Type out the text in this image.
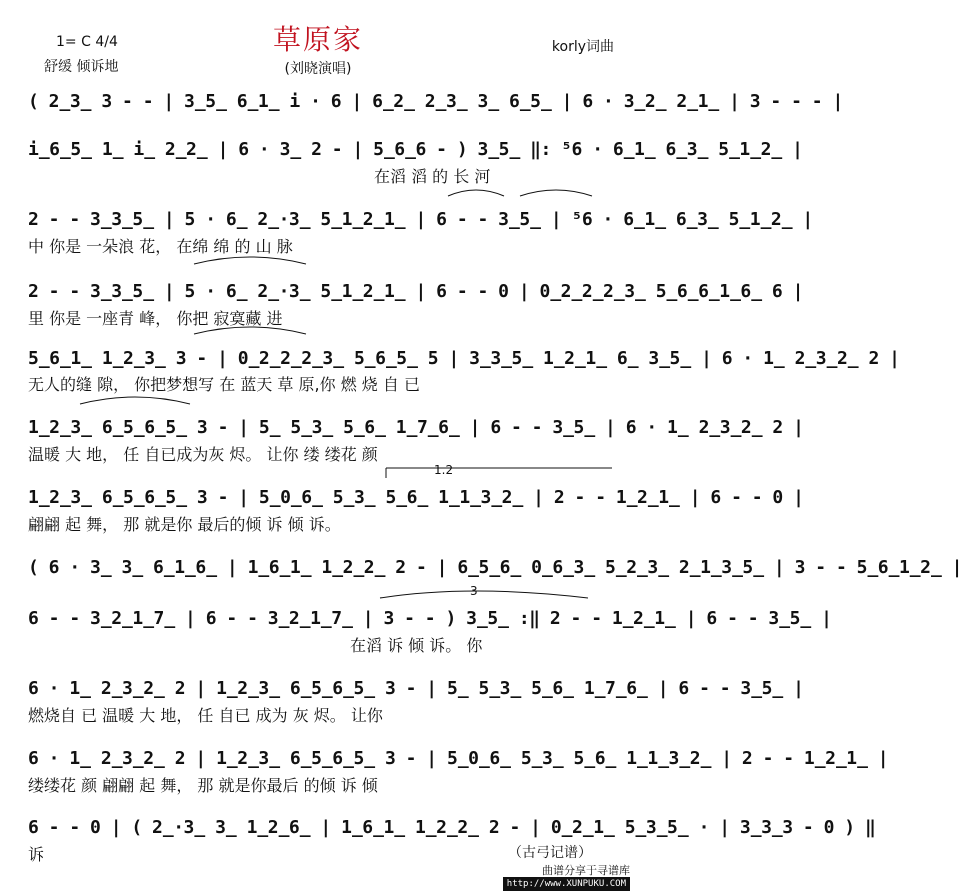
1= C 4/4
舒缓 倾诉地
草原家
(刘晓演唱)
korly词曲
( 2̲3̲ 3 - - | 3̲5̲ 6̲1̲ i · 6 | 6̲2̲ 2̲3̲ 3̲ 6̲5̲ | 6 · 3̲2̲ 2̲1̲ | 3 - - - |
i̲6̲5̲ 1̲ i̲ 2̲2̲ | 6 · 3̲ 2 - | 5̲6̲6 - ) 3̲5̲ ‖: ⁵6 · 6̲1̲ 6̲3̲ 5̲1̲2̲ |
在滔 滔 的 长 河
2 - - 3̲3̲5̲ | 5 · 6̲ 2̲·3̲ 5̲1̲2̲1̲ | 6 - - 3̲5̲ | ⁵6 · 6̲1̲ 6̲3̲ 5̲1̲2̲ |
中 你是 一朵浪 花， 在绵 绵 的 山 脉
2 - - 3̲3̲5̲ | 5 · 6̲ 2̲·3̲ 5̲1̲2̲1̲ | 6 - - 0 | 0̲2̲2̲2̲3̲ 5̲6̲6̲1̲6̲ 6 |
里 你是 一座青 峰， 你把 寂寞藏 进
5̲6̲1̲ 1̲2̲3̲ 3 - | 0̲2̲2̲2̲3̲ 5̲6̲5̲ 5 | 3̲3̲5̲ 1̲2̲1̲ 6̲ 3̲5̲ | 6 · 1̲ 2̲3̲2̲ 2 |
无人的缝 隙， 你把梦想写 在 蓝天 草 原,你 燃 烧 自 已
1̲2̲3̲ 6̲5̲6̲5̲ 3 - | 5̲ 5̲3̲ 5̲6̲ 1̲7̲6̲ | 6 - - 3̲5̲ | 6 · 1̲ 2̲3̲2̲ 2 |
温暖 大 地， 任 自已成为灰 烬。 让你 缕 缕花 颜
1̲2̲3̲ 6̲5̲6̲5̲ 3 - | 5̲0̲6̲ 5̲3̲ 5̲6̲ 1̲1̲3̲2̲ | 2 - - 1̲2̲1̲ | 6 - - 0 |
翩翩 起 舞， 那 就是你 最后的倾 诉 倾 诉。
1.2
( 6 · 3̲ 3̲ 6̲1̲6̲ | 1̲6̲1̲ 1̲2̲2̲ 2 - | 6̲5̲6̲ 0̲6̲3̲ 5̲2̲3̲ 2̲1̲3̲5̲ | 3 - - 5̲6̲1̲2̲ |
3
6 - - 3̲2̲1̲7̲ | 6 - - 3̲2̲1̲7̲ | 3 - - ) 3̲5̲ :‖ 2 - - 1̲2̲1̲ | 6 - - 3̲5̲ |
在滔 诉 倾 诉。 你
6 · 1̲ 2̲3̲2̲ 2 | 1̲2̲3̲ 6̲5̲6̲5̲ 3 - | 5̲ 5̲3̲ 5̲6̲ 1̲7̲6̲ | 6 - - 3̲5̲ |
燃烧自 已 温暖 大 地， 任 自已 成为 灰 烬。 让你
6 · 1̲ 2̲3̲2̲ 2 | 1̲2̲3̲ 6̲5̲6̲5̲ 3 - | 5̲0̲6̲ 5̲3̲ 5̲6̲ 1̲1̲3̲2̲ | 2 - - 1̲2̲1̲ |
缕缕花 颜 翩翩 起 舞， 那 就是你最后 的倾 诉 倾
6 - - 0 | ( 2̲·3̲ 3̲ 1̲2̲6̲ | 1̲6̲1̲ 1̲2̲2̲ 2 - | 0̲2̲1̲ 5̲3̲5̲ · | 3̲3̲3 - 0 ) ‖
诉	（古弓记谱）
曲谱分享于寻谱库
http://www.XUNPUKU.COM
